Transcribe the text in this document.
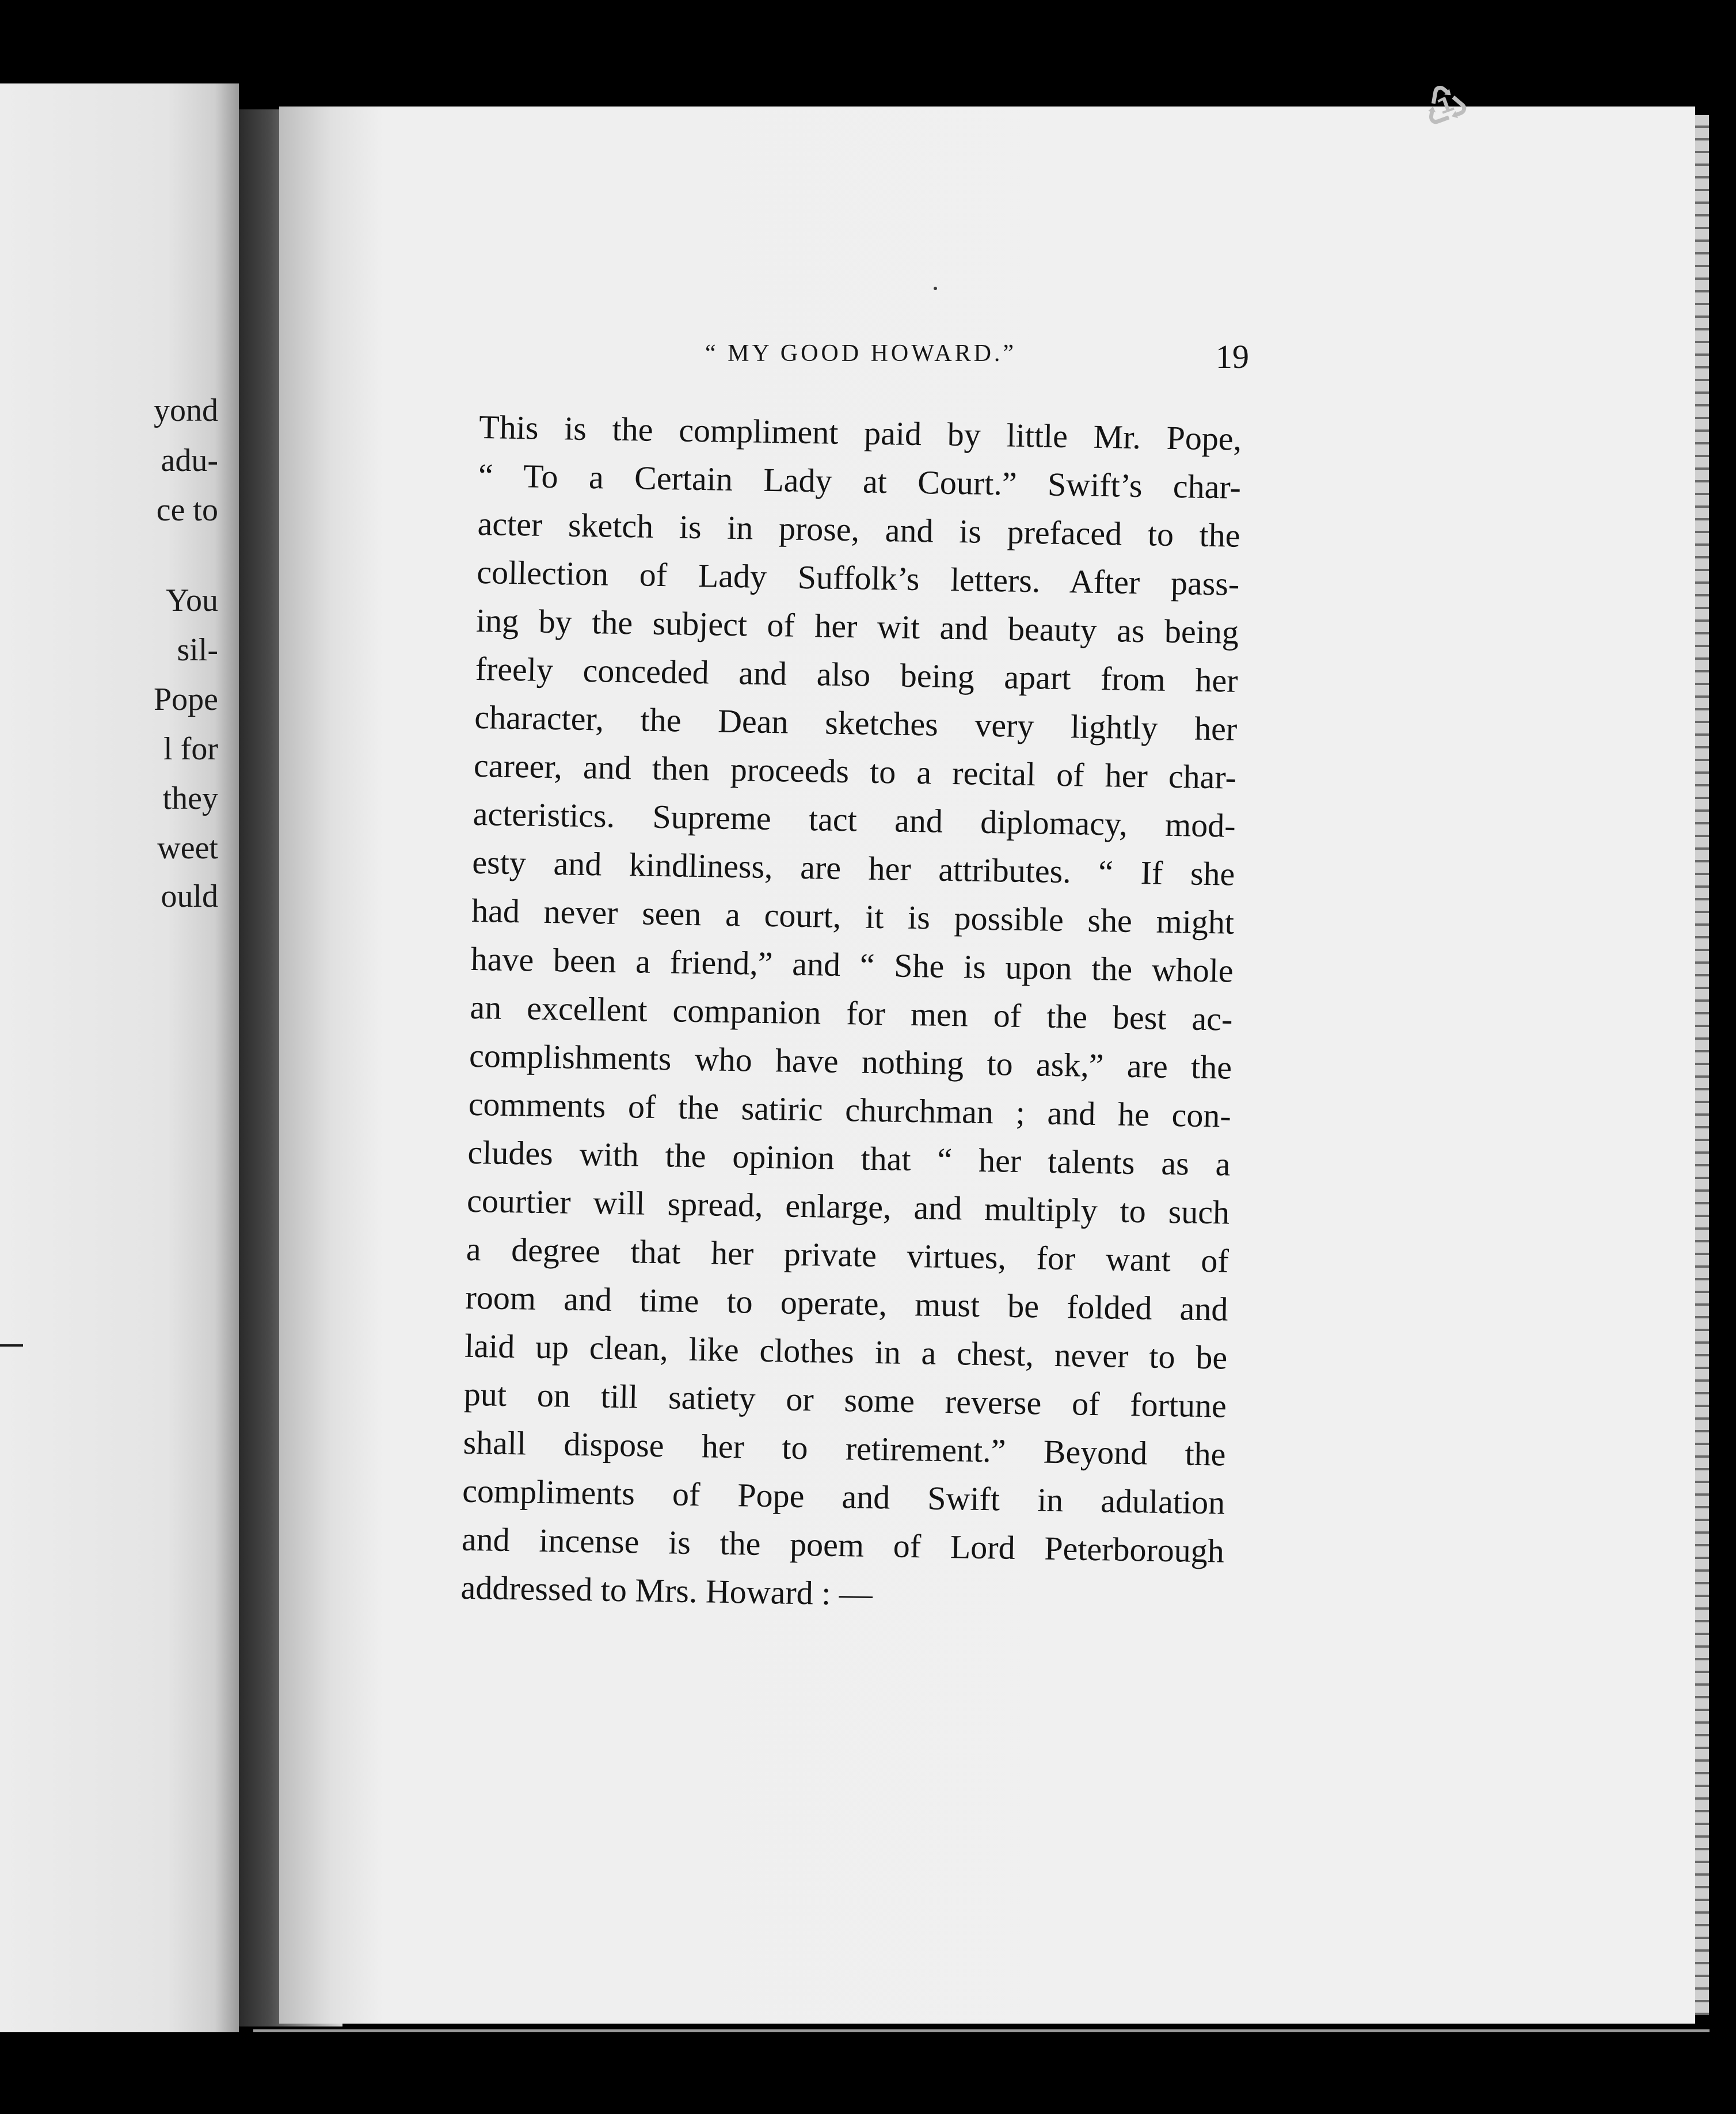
yond
adu-
ce to
You
sil-
Pope
l for
they
weet
ould
♳
“ MY GOOD HOWARD.”	19
This is the compliment paid by little Mr. Pope,
“ To a Certain Lady at Court.” Swift’s char-
acter sketch is in prose, and is prefaced to the
collection of Lady Suffolk’s letters. After pass-
ing by the subject of her wit and beauty as being
freely conceded and also being apart from her
character, the Dean sketches very lightly her
career, and then proceeds to a recital of her char-
acteristics. Supreme tact and diplomacy, mod-
esty and kindliness, are her attributes. “ If she
had never seen a court, it is possible she might
have been a friend,” and “ She is upon the whole
an excellent companion for men of the best ac-
complishments who have nothing to ask,” are the
comments of the satiric churchman ; and he con-
cludes with the opinion that “ her talents as a
courtier will spread, enlarge, and multiply to such
a degree that her private virtues, for want of
room and time to operate, must be folded and
laid up clean, like clothes in a chest, never to be
put on till satiety or some reverse of fortune
shall dispose her to retirement.” Beyond the
compliments of Pope and Swift in adulation
and incense is the poem of Lord Peterborough
addressed to Mrs. Howard : —
